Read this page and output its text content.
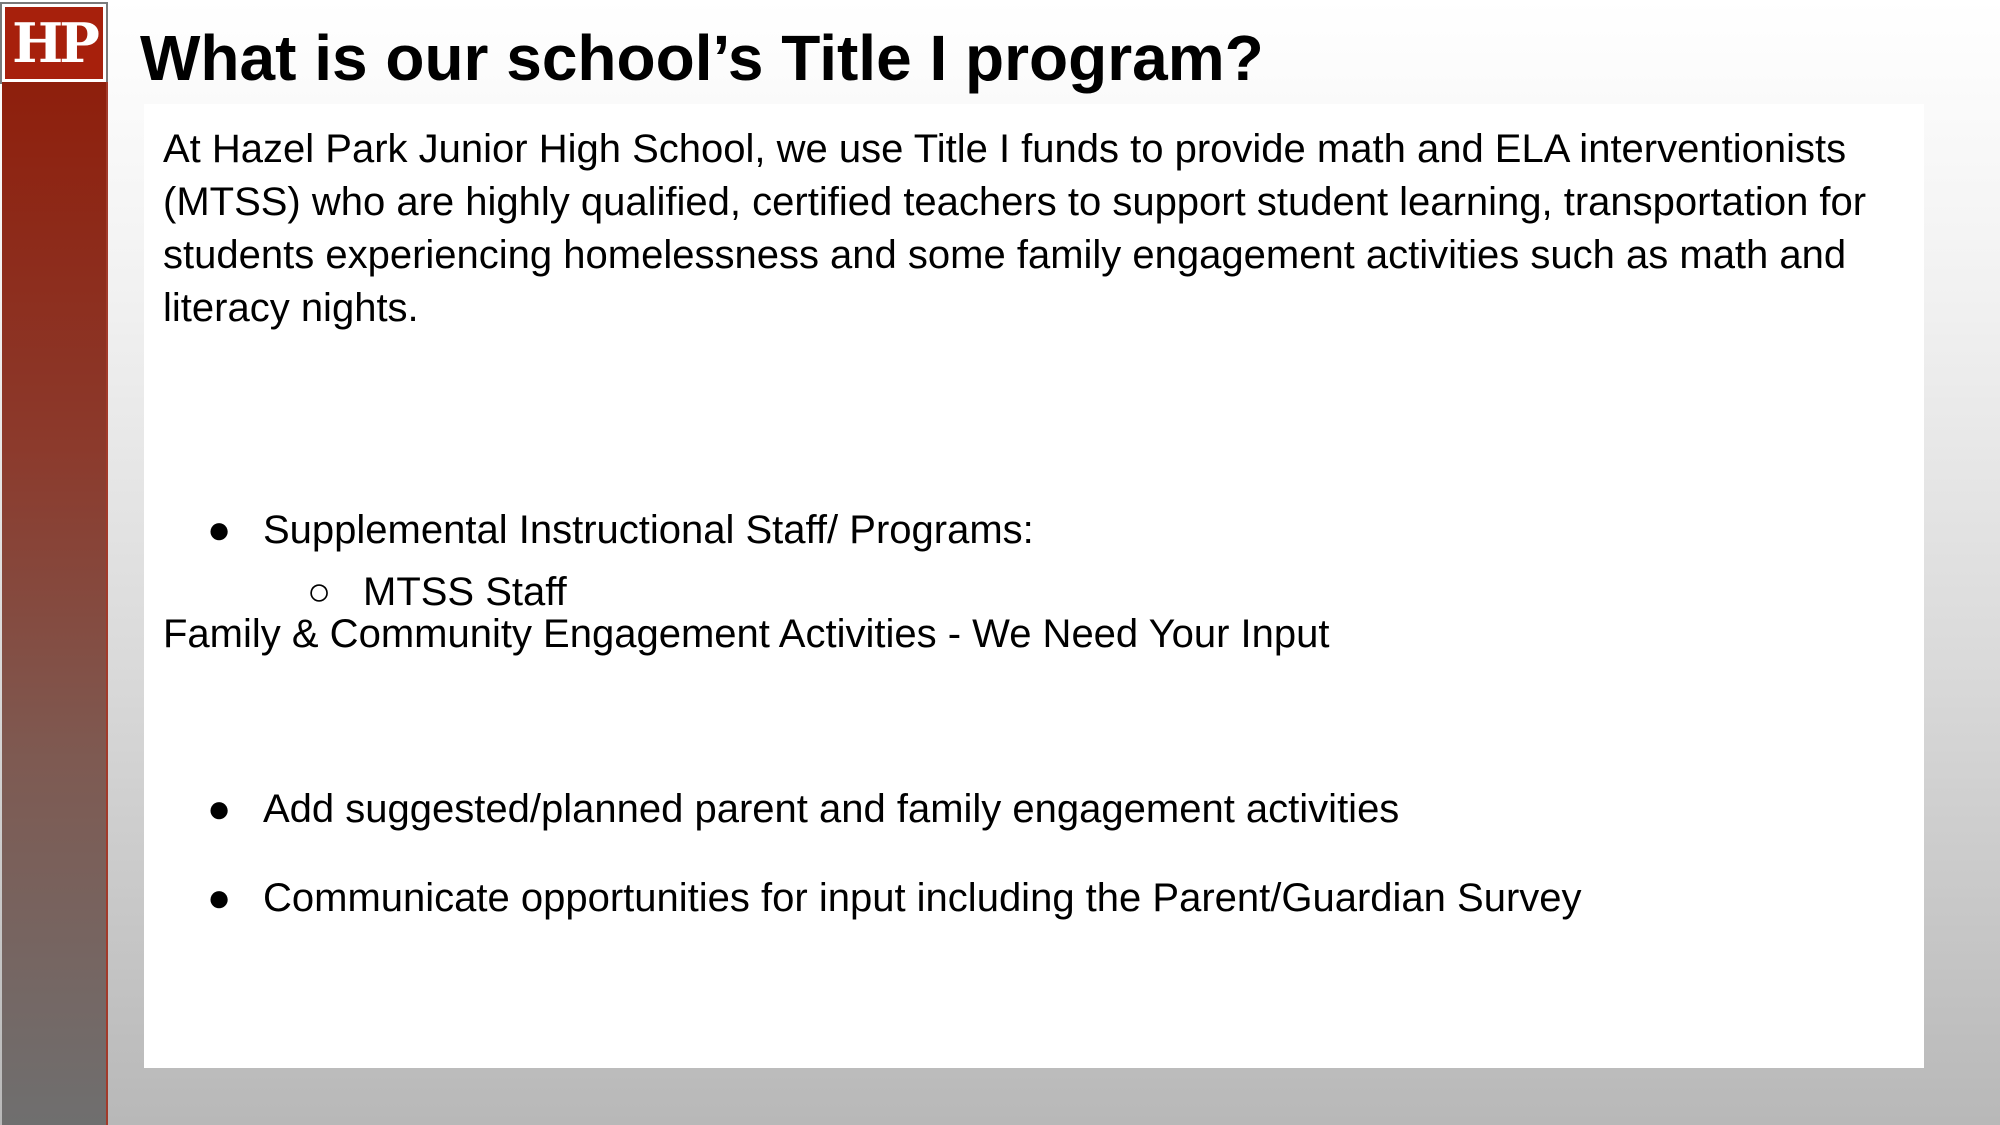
HP What is our school’s Title I program?

At Hazel Park Junior High School, we use Title I funds to provide math and ELA interventionists (MTSS) who are highly qualified, certified teachers to support student learning, transportation for students experiencing homelessness and some family engagement activities such as math and literacy nights.

● Supplemental Instructional Staff/ Programs:
○ MTSS Staff
Family & Community Engagement Activities - We Need Your Input
● Add suggested/planned parent and family engagement activities
● Communicate opportunities for input including the Parent/Guardian Survey
